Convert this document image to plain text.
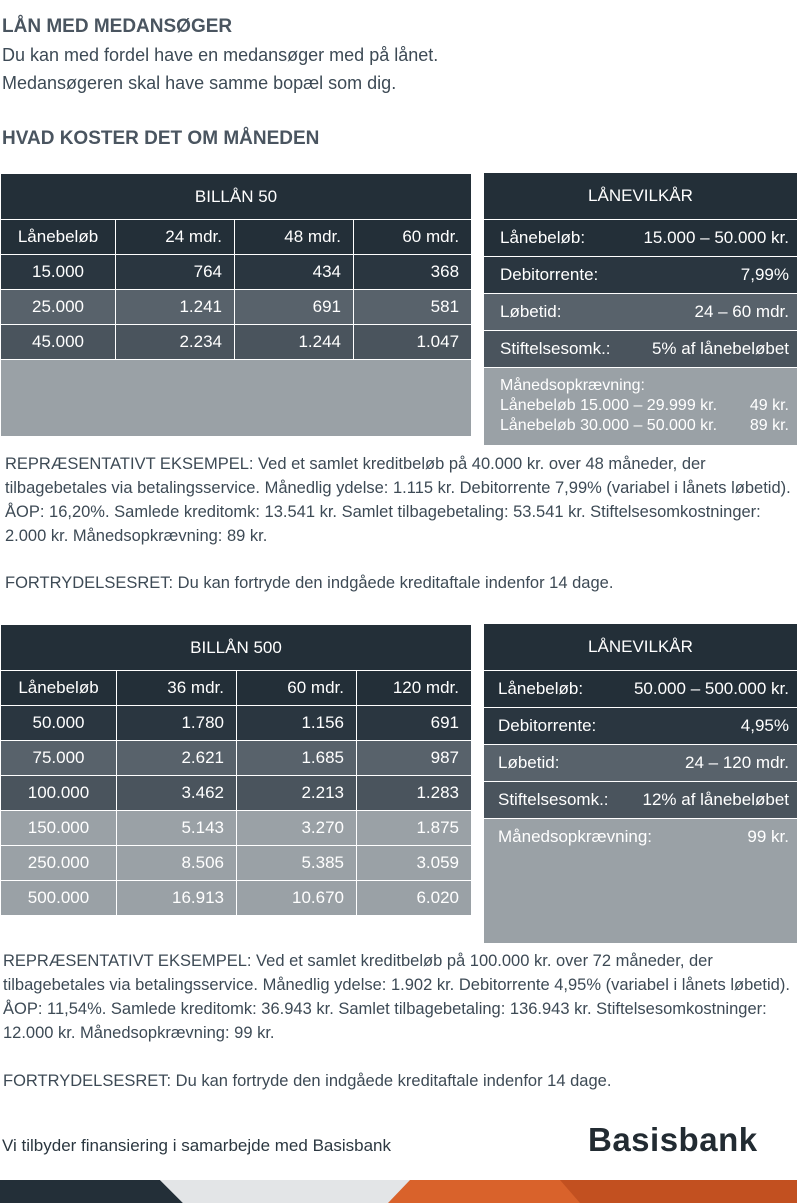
LÅN MED MEDANSØGER
Du kan med fordel have en medansøger med på lånet.
Medansøgeren skal have samme bopæl som dig.
HVAD KOSTER DET OM MÅNEDEN
BILLÅN 50			
Lånebeløb	24 mdr.	48 mdr.	60 mdr.
15.000	764	434	368
25.000	1.241	691	581
45.000	2.234	1.244	1.047

LÅNEVILKÅR
Lånebeløb:	15.000 – 50.000 kr.
Debitorrente:	7,99%
Løbetid:	24 – 60 mdr.
Stiftelsesomk.: 5% af lånebeløbet
Månedsopkrævning:
Lånebeløb 15.000 – 29.999 kr. 49 kr.
Lånebeløb 30.000 – 50.000 kr. 89 kr.
REPRÆSENTATIVT EKSEMPEL: Ved et samlet kreditbeløb på 40.000 kr. over 48 måneder, der tilbagebetales via betalingsservice. Månedlig ydelse: 1.115 kr. Debitorrente 7,99% (variabel i lånets løbetid). ÅOP: 16,20%. Samlede kreditomk: 13.541 kr. Samlet tilbagebetaling: 53.541 kr. Stiftelsesomkostninger: 2.000 kr. Månedsopkrævning: 89 kr.
FORTRYDELSESRET: Du kan fortryde den indgåede kreditaftale indenfor 14 dage.
BILLÅN 500			
Lånebeløb	36 mdr.	60 mdr.	120 mdr.
50.000	1.780	1.156	691
75.000	2.621	1.685	987
100.000	3.462	2.213	1.283
150.000	5.143	3.270	1.875
250.000	8.506	5.385	3.059
500.000	16.913	10.670	6.020
LÅNEVILKÅR
Lånebeløb:	50.000 – 500.000 kr.
Debitorrente:	4,95%
Løbetid:	24 – 120 mdr.
Stiftelsesomk.: 12% af lånebeløbet
Månedsopkrævning:	99 kr.
REPRÆSENTATIVT EKSEMPEL: Ved et samlet kreditbeløb på 100.000 kr. over 72 måneder, der tilbagebetales via betalingsservice. Månedlig ydelse: 1.902 kr. Debitorrente 4,95% (variabel i lånets løbetid). ÅOP: 11,54%. Samlede kreditomk: 36.943 kr. Samlet tilbagebetaling: 136.943 kr. Stiftelsesomkostninger: 12.000 kr. Månedsopkrævning: 99 kr.
FORTRYDELSESRET: Du kan fortryde den indgåede kreditaftale indenfor 14 dage.
Vi tilbyder finansiering i samarbejde med Basisbank	Basisbank
